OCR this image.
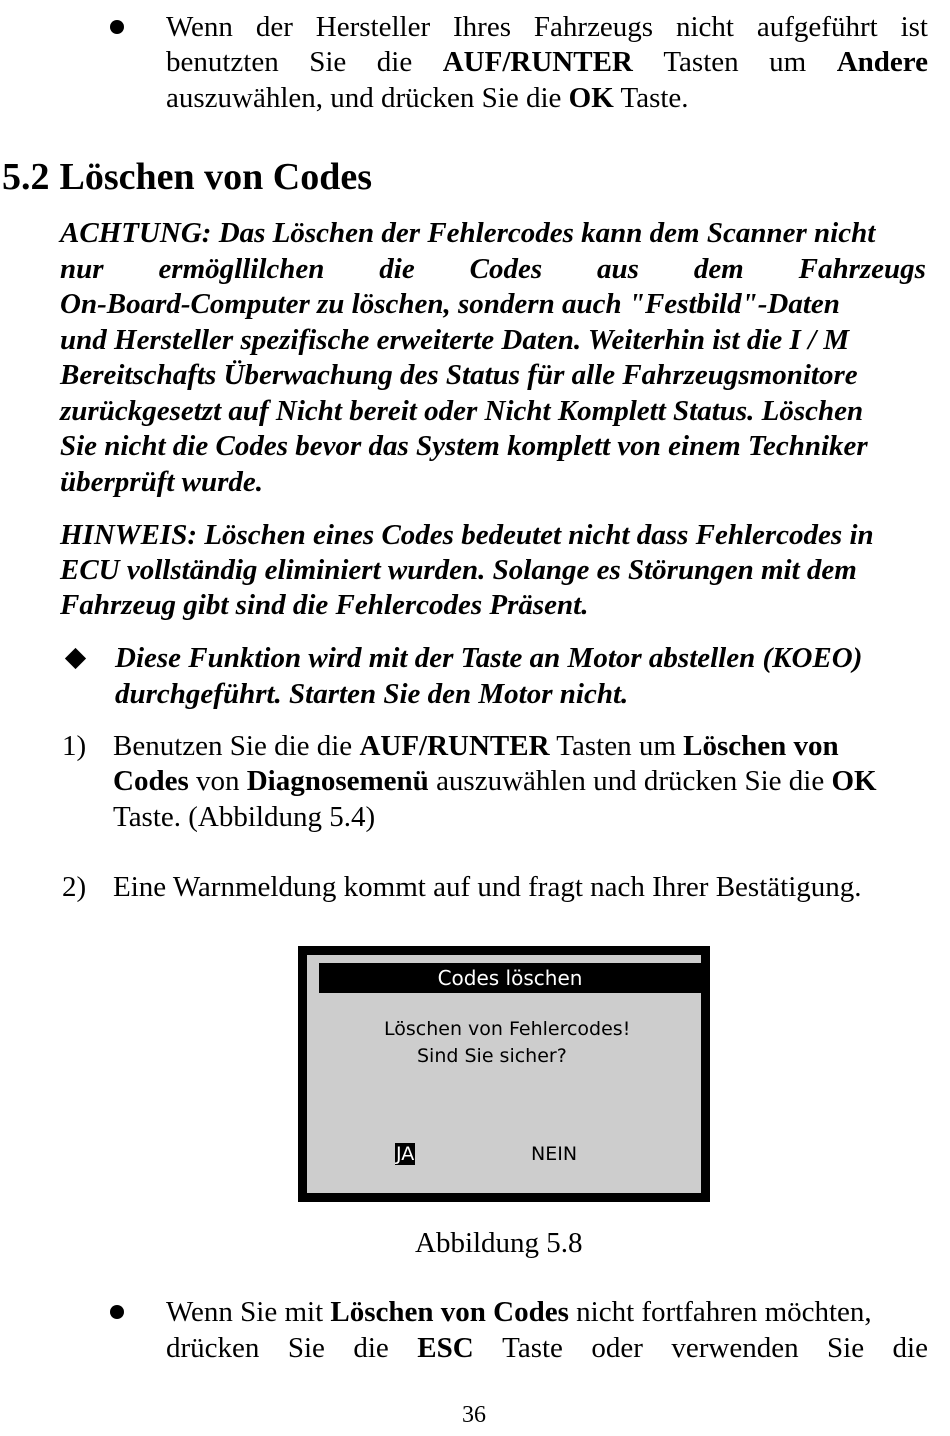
Wenn der Hersteller Ihres Fahrzeugs nicht aufgeführt ist
benutzten Sie die AUF/RUNTER Tasten um Andere
auszuwählen, und drücken Sie die OK Taste.
5.2 Löschen von Codes
ACHTUNG: Das Löschen der Fehlercodes kann dem Scanner nicht
nur ermögllilchen die Codes aus dem Fahrzeugs
On-Board-Computer zu löschen, sondern auch "Festbild"-Daten
und Hersteller spezifische erweiterte Daten. Weiterhin ist die I / M
Bereitschafts Überwachung des Status für alle Fahrzeugsmonitore
zurückgesetzt auf Nicht bereit oder Nicht Komplett Status. Löschen
Sie nicht die Codes bevor das System komplett von einem Techniker
überprüft wurde.
HINWEIS: Löschen eines Codes bedeutet nicht dass Fehlercodes in
ECU vollständig eliminiert wurden. Solange es Störungen mit dem
Fahrzeug gibt sind die Fehlercodes Präsent.
Diese Funktion wird mit der Taste an Motor abstellen (KOEO)
durchgeführt. Starten Sie den Motor nicht.
1) Benutzen Sie die die AUF/RUNTER Tasten um Löschen von
Codes von Diagnosemenü auszuwählen und drücken Sie die OK
Taste. (Abbildung 5.4)
2) Eine Warnmeldung kommt auf und fragt nach Ihrer Bestätigung.
Codes löschen
Löschen von Fehlercodes!
Sind Sie sicher?
JA	NEIN
Abbildung 5.8
Wenn Sie mit Löschen von Codes nicht fortfahren möchten,
drücken Sie die ESC Taste oder verwenden Sie die
36
